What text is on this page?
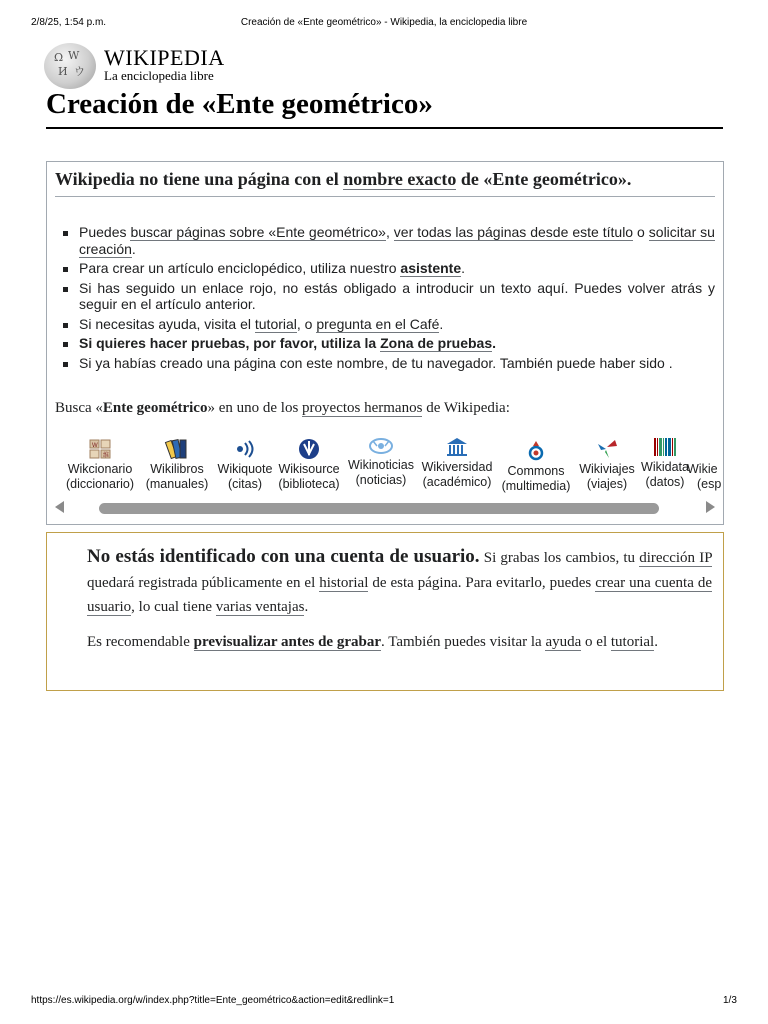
2/8/25, 1:54 p.m.	Creación de «Ente geométrico» - Wikipedia, la enciclopedia libre
Ω W
И ウ
WIKIPEDIA
La enciclopedia libre
Creación de «Ente geométrico»
Wikipedia no tiene una página con el nombre exacto de «Ente geométrico».
Puedes buscar páginas sobre «Ente geométrico», ver todas las páginas desde este título o solicitar su creación.
Para crear un artículo enciclopédico, utiliza nuestro asistente.
Si has seguido un enlace rojo, no estás obligado a introducir un texto aquí. Puedes volver atrás y seguir en el artículo anterior.
Si necesitas ayuda, visita el tutorial, o pregunta en el Café.
Si quieres hacer pruebas, por favor, utiliza la Zona de pruebas.
Si ya habías creado una página con este nombre, de tu navegador. También puede haber sido .
Busca «Ente geométrico» en uno de los proyectos hermanos de Wikipedia:
W
维
Wikcionario
(diccionario)
Wikilibros
(manuales)
Wikiquote
(citas)
Wikisource
(biblioteca)
Wikinoticias
(noticias)
Wikiversidad
(académico)
Commons
(multimedia)
Wikiviajes
(viajes)
Wikidata
(datos)
Wikie
(esp

No estás identificado con una cuenta de usuario. Si grabas los cambios, tu dirección IP quedará registrada públicamente en el historial de esta página. Para evitarlo, puedes crear una cuenta de usuario, lo cual tiene varias ventajas.

Es recomendable previsualizar antes de grabar. También puedes visitar la ayuda o el tutorial.

https://es.wikipedia.org/w/index.php?title=Ente_geométrico&action=edit&redlink=1	1/3
